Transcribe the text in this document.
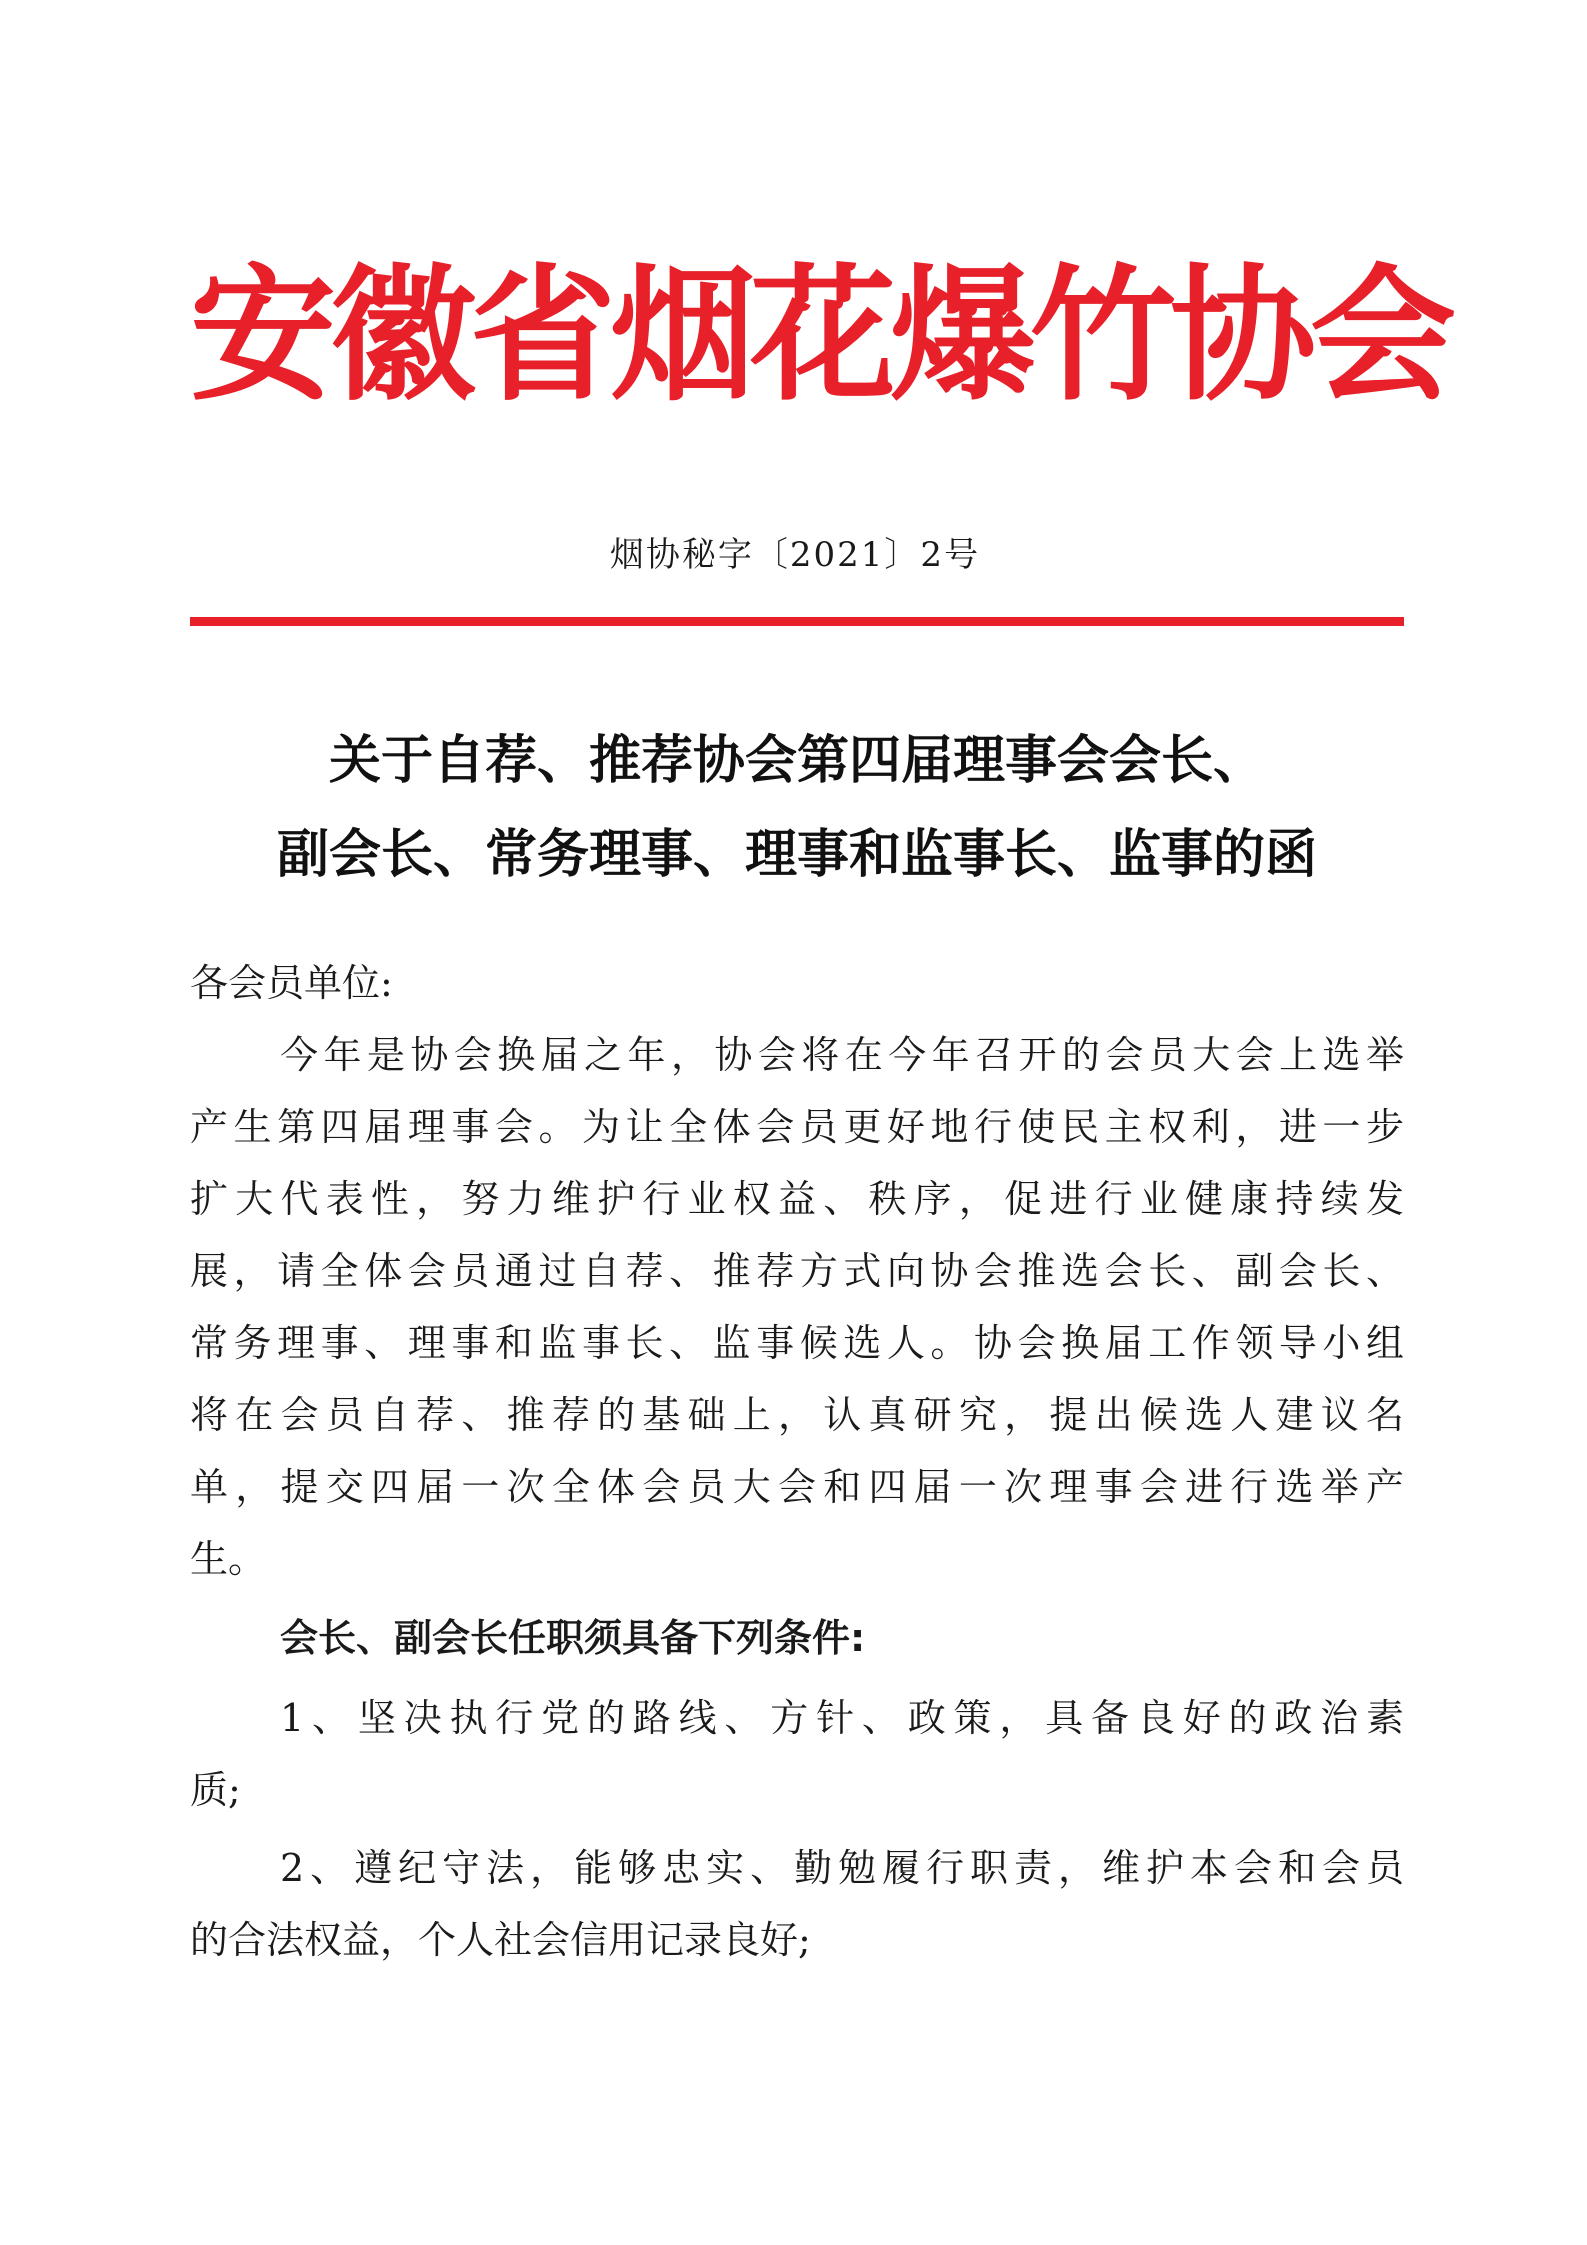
安徽省烟花爆竹协会
烟协秘字〔2021〕2号
关于自荐、推荐协会第四届理事会会长、
副会长、常务理事、理事和监事长、监事的函
各会员单位:
今年是协会换届之年，协会将在今年召开的会员大会上选举
产生第四届理事会。为让全体会员更好地行使民主权利，进一步
扩大代表性，努力维护行业权益、秩序，促进行业健康持续发
展，请全体会员通过自荐、推荐方式向协会推选会长、副会长、
常务理事、理事和监事长、监事候选人。协会换届工作领导小组
将在会员自荐、推荐的基础上，认真研究，提出候选人建议名
单，提交四届一次全体会员大会和四届一次理事会进行选举产
生。
会长、副会长任职须具备下列条件:
1、坚决执行党的路线、方针、政策，具备良好的政治素
质;
2、遵纪守法，能够忠实、勤勉履行职责，维护本会和会员
的合法权益，个人社会信用记录良好;
